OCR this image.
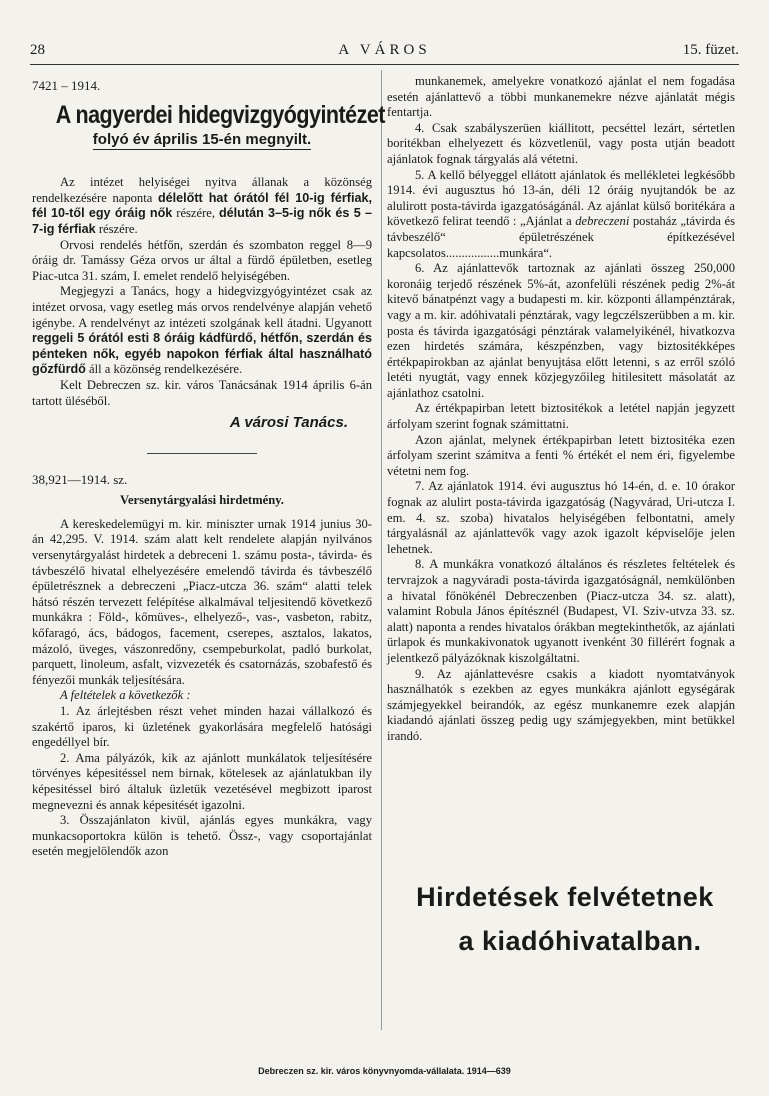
28	A VÁROS	15. füzet.
7421 – 1914.
A nagyerdei hidegvizgyógyintézet
folyó év április 15-én megnyilt.

Az intézet helyiségei nyitva állanak a közönség rendelkezésére naponta délelőtt hat órától fél 10-ig férfiak, fél 10-től egy óráig nők részére, délután 3–5-ig nők és 5 – 7-ig férfiak részére.

Orvosi rendelés hétfőn, szerdán és szombaton reggel 8—9 óráig dr. Tamássy Géza orvos ur által a fürdő épületben, esetleg Piac-utca 31. szám, I. emelet rendelő helyiségében.

Megjegyzi a Tanács, hogy a hidegvizgyógyintézet csak az intézet orvosa, vagy esetleg más orvos rendelvénye alapján vehető igénybe. A rendelvényt az intézeti szolgának kell átadni. Ugyanott reggeli 5 órától esti 8 óráig kádfürdő, hétfőn, szerdán és pénteken nők, egyéb napokon férfiak által használható gőzfürdő áll a közönség rendelkezésére.

Kelt Debreczen sz. kir. város Tanácsának 1914 április 6-án tartott üléséből.

A városi Tanács.
38,921—1914. sz.
Versenytárgyalási hirdetmény.

A kereskedelemügyi m. kir. miniszter urnak 1914 junius 30-án 42,295. V. 1914. szám alatt kelt rendelete alapján nyilvános versenytárgyalást hirdetek a debreceni 1. számu posta-, távirda- és távbeszélő hivatal elhelyezésére emelendő távirda és távbeszélő épületrésznek a debreczeni „Piacz-utcza 36. szám“ alatti telek hátsó részén tervezett felépítése alkalmával teljesitendő következő munkákra : Föld-, kőmüves-, elhelyező-, vas-, vasbeton, rabitz, kőfaragó, ács, bádogos, facement, cserepes, asztalos, lakatos, mázoló, üveges, vászonredőny, csempeburkolat, padló burkolat, parquett, linoleum, asfalt, vizvezeték és csatornázás, szobafestő és fényezői munkák teljesítésára.

A feltételek a következők :

1. Az árlejtésben részt vehet minden hazai vállalkozó és szakértő iparos, ki üzletének gyakorlására megfelelő hatósági engedéllyel bír.

2. Ama pályázók, kik az ajánlott munkálatok teljesítésére törvényes képesitéssel nem birnak, kötelesek az ajánlatukban ily képesitéssel biró általuk üzletük vezetésével megbizott iparost megnevezni és annak képesitését igazolni.

3. Összajánlaton kivül, ajánlás egyes munkákra, vagy munkacsoportokra külön is tehető. Össz-, vagy csoportajánlat esetén megjelölendők azon

munkanemek, amelyekre vonatkozó ajánlat el nem fogadása esetén ajánlattevő a többi munkanemekre nézve ajánlatát mégis fentartja.

4. Csak szabályszerüen kiállitott, pecséttel lezárt, sértetlen boritékban elhelyezett és közvetlenül, vagy posta utján beadott ajánlatok fognak tárgyalás alá vétetni.

5. A kellő bélyeggel ellátott ajánlatok és mellékletei legkésőbb 1914. évi augusztus hó 13-án, déli 12 óráig nyujtandók be az alulirott posta-távirda igazgatóságánál. Az ajánlat külső boritékára a következő felirat teendő : „Ajánlat a debreczeni postaház „távirda és távbeszélő“ épületrészének építkezésével kapcsolatos.................munkára“.

6. Az ajánlattevők tartoznak az ajánlati összeg 250,000 koronáig terjedő részének 5%-át, azonfelüli részének pedig 2%-át kitevő bánatpénzt vagy a budapesti m. kir. központi állampénztárak, vagy a m. kir. adóhivatali pénztárak, vagy legczélszerübben a m. kir. posta és távirda igazgatósági pénztárak valamelyikénél, hivatkozva ezen hirdetés számára, készpénzben, vagy biztositékképes értékpapirokban az ajánlat benyujtása előtt letenni, s az erről szóló letéti nyugtát, vagy ennek közjegyzőileg hitilesitett másolatát az ajánlathoz csatolni.

Az értékpapirban letett biztositékok a letétel napján jegyzett árfolyam szerint fognak számittatni.

Azon ajánlat, melynek értékpapirban letett biztositéka ezen árfolyam szerint számitva a fenti % értékét el nem éri, figyelembe vétetni nem fog.

7. Az ajánlatok 1914. évi augusztus hó 14-én, d. e. 10 órakor fognak az alulirt posta-távirda igazgatóság (Nagyvárad, Uri-utcza I. em. 4. sz. szoba) hivatalos helyiségében felbontatni, amely tárgyalásnál az ajánlattevők vagy azok igazolt képviselője jelen lehetnek.

8. A munkákra vonatkozó általános és részletes feltételek és tervrajzok a nagyváradi posta-távirda igazgatóságnál, nemkülönben a hivatal főnökénél Debreczenben (Piacz-utcza 34. sz. alatt), valamint Robula János építésznél (Budapest, VI. Sziv-utvza 33. sz. alatt) naponta a rendes hivatalos órákban megtekinthetők, az ajánlati ürlapok és munkakivonatok ugyanott ivenként 30 fillérért fognak a jelentkező pályázóknak kiszolgáltatni.

9. Az ajánlattevésre csakis a kiadott nyomtatványok használhatók s ezekben az egyes munkákra ajánlott egységárak számjegyekkel beirandók, az egész munkanemre ezek alapján kiadandó ajánlati összeg pedig ugy számjegyekben, mint betükkel irandó.

Hirdetések felvétetnek
a kiadóhivatalban.
Debreczen sz. kir. város könyvnyomda-vállalata. 1914—639
